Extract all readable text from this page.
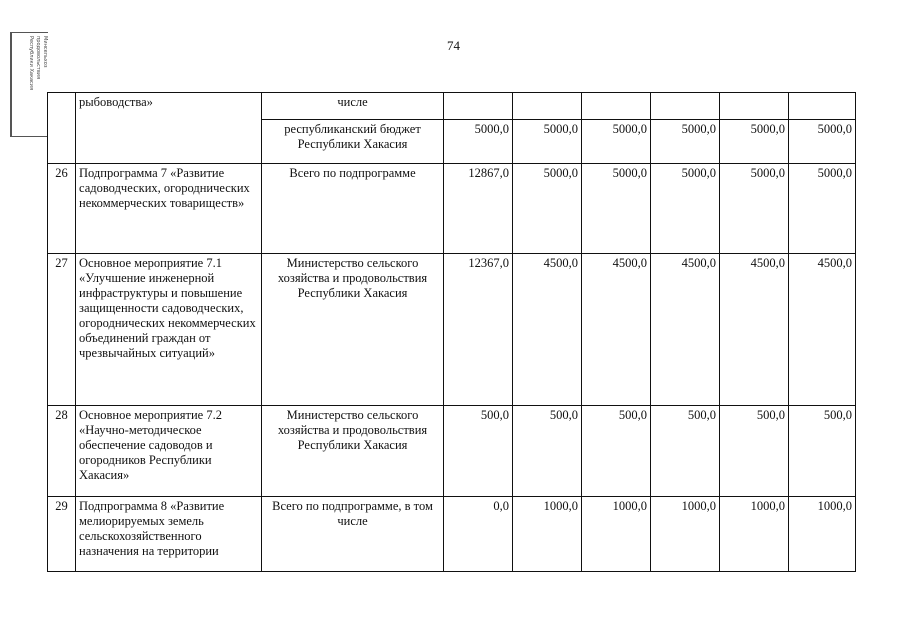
74
Минсельхоз
продовольствия
Республики Хакасия
	рыбоводства»	числе						
		республиканский бюджет Республики Хакасия	5000,0	5000,0	5000,0	5000,0	5000,0	5000,0
26	Подпрограмма 7 «Развитие садоводческих, огороднических некоммерческих товариществ»	Всего по подпрограмме	12867,0	5000,0	5000,0	5000,0	5000,0	5000,0
27	Основное мероприятие 7.1 «Улучшение инженерной инфраструктуры и повышение защищенности садоводческих, огороднических некоммерческих объединений граждан от чрезвычайных ситуаций»	Министерство сельского хозяйства и продовольствия Республики Хакасия	12367,0	4500,0	4500,0	4500,0	4500,0	4500,0
28	Основное мероприятие 7.2 «Научно-методическое обеспечение садоводов и огородников Республики Хакасия»	Министерство сельского хозяйства и продовольствия Республики Хакасия	500,0	500,0	500,0	500,0	500,0	500,0
29	Подпрограмма 8 «Развитие мелиорируемых земель сельскохозяйственного назначения на территории	Всего по подпрограмме, в том числе	0,0	1000,0	1000,0	1000,0	1000,0	1000,0
